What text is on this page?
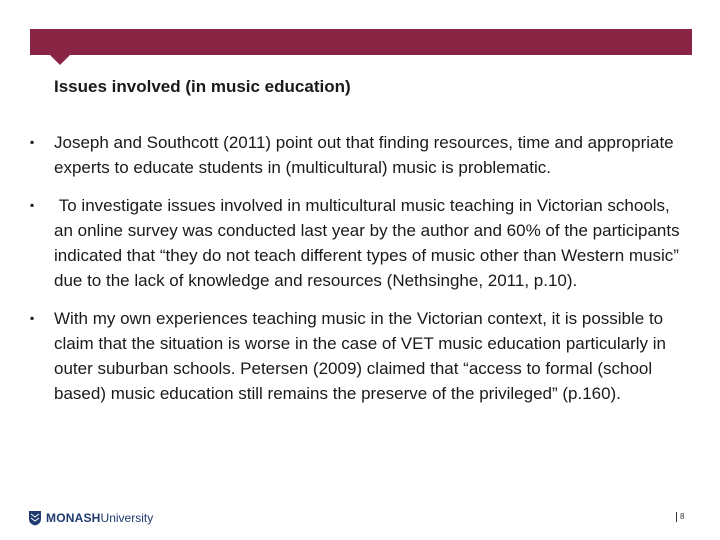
Issues involved (in music education)
▪ Joseph and Southcott (2011) point out that finding resources, time and appropriate experts to educate students in (multicultural) music is problematic.
▪ To investigate issues involved in multicultural music teaching in Victorian schools, an online survey was conducted last year by the author and 60% of the participants indicated that “they do not teach different types of music other than Western music” due to the lack of knowledge and resources (Nethsinghe, 2011, p.10).
▪ With my own experiences teaching music in the Victorian context, it is possible to claim that the situation is worse in the case of VET music education particularly in outer suburban schools. Petersen (2009) claimed that “access to formal (school based) music education still remains the preserve of the privileged” (p.160).
MONASH University	8
